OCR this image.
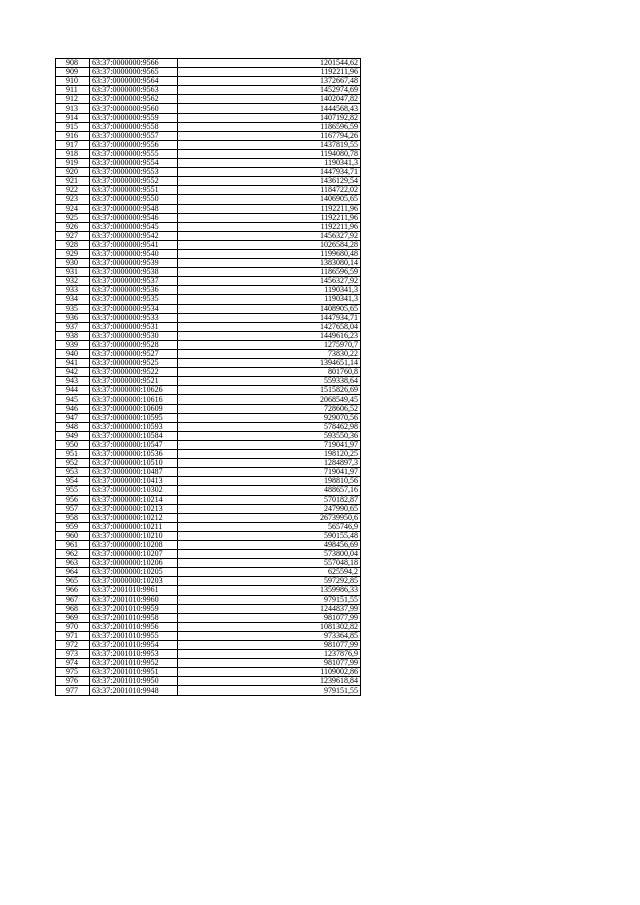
908	63:37:0000000:9566	1201544,62
909	63:37:0000000:9565	1192211,96
910	63:37:0000000:9564	1372667,48
911	63:37:0000000:9563	1452974,69
912	63:37:0000000:9562	1402047,82
913	63:37:0000000:9560	1444568,43
914	63:37:0000000:9559	1407192,82
915	63:37:0000000:9558	1186596,59
916	63:37:0000000:9557	1167794,26
917	63:37:0000000:9556	1437819,55
918	63:37:0000000:9555	1194080,78
919	63:37:0000000:9554	1190341,3
920	63:37:0000000:9553	1447934,71
921	63:37:0000000:9552	1436129,54
922	63:37:0000000:9551	1184722,02
923	63:37:0000000:9550	1406905,65
924	63:37:0000000:9548	1192211,96
925	63:37:0000000:9546	1192211,96
926	63:37:0000000:9545	1192211,96
927	63:37:0000000:9542	1456327,92
928	63:37:0000000:9541	1026584,28
929	63:37:0000000:9540	1199680,48
930	63:37:0000000:9539	1383080,14
931	63:37:0000000:9538	1186596,59
932	63:37:0000000:9537	1456327,92
933	63:37:0000000:9536	1190341,3
934	63:37:0000000:9535	1190341,3
935	63:37:0000000:9534	1408905,65
936	63:37:0000000:9533	1447934,71
937	63:37:0000000:9531	1427658,04
938	63:37:0000000:9530	1449616,23
939	63:37:0000000:9528	1275970,7
940	63:37:0000000:9527	73830,22
941	63:37:0000000:9525	1394651,14
942	63:37:0000000:9522	801760,8
943	63:37:0000000:9521	559338,64
944	63:37:0000000:10626	1515826,69
945	63:37:0000000:10616	2068549,45
946	63:37:0000000:10609	728606,52
947	63:37:0000000:10595	929070,56
948	63:37:0000000:10593	578462,98
949	63:37:0000000:10584	593550,36
950	63:37:0000000:10547	719041,97
951	63:37:0000000:10536	198120,25
952	63:37:0000000:10510	1284897,3
953	63:37:0000000:10487	719041,97
954	63:37:0000000:10413	198810,56
955	63:37:0000000:10302	488657,16
956	63:37:0000000:10214	570182,87
957	63:37:0000000:10213	247990,65
958	63:37:0000000:10212	26739950,6
959	63:37:0000000:10211	565746,9
960	63:37:0000000:10210	590155,48
961	63:37:0000000:10208	498456,69
962	63:37:0000000:10207	573800,04
963	63:37:0000000:10206	557048,18
964	63:37:0000000:10205	625594,2
965	63:37:0000000:10203	597292,85
966	63:37:2001010:9961	1359986,33
967	63:37:2001010:9960	979151,55
968	63:37:2001010:9959	1244837,99
969	63:37:2001010:9958	981077,99
970	63:37:2001010:9956	1081302,82
971	63:37:2001010:9955	973364,85
972	63:37:2001010:9954	981077,99
973	63:37:2001010:9953	1237876,9
974	63:37:2001010:9952	981077,99
975	63:37:2001010:9951	1109002,86
976	63:37:2001010:9950	1239618,84
977	63:37:2001010:9948	979151,55
